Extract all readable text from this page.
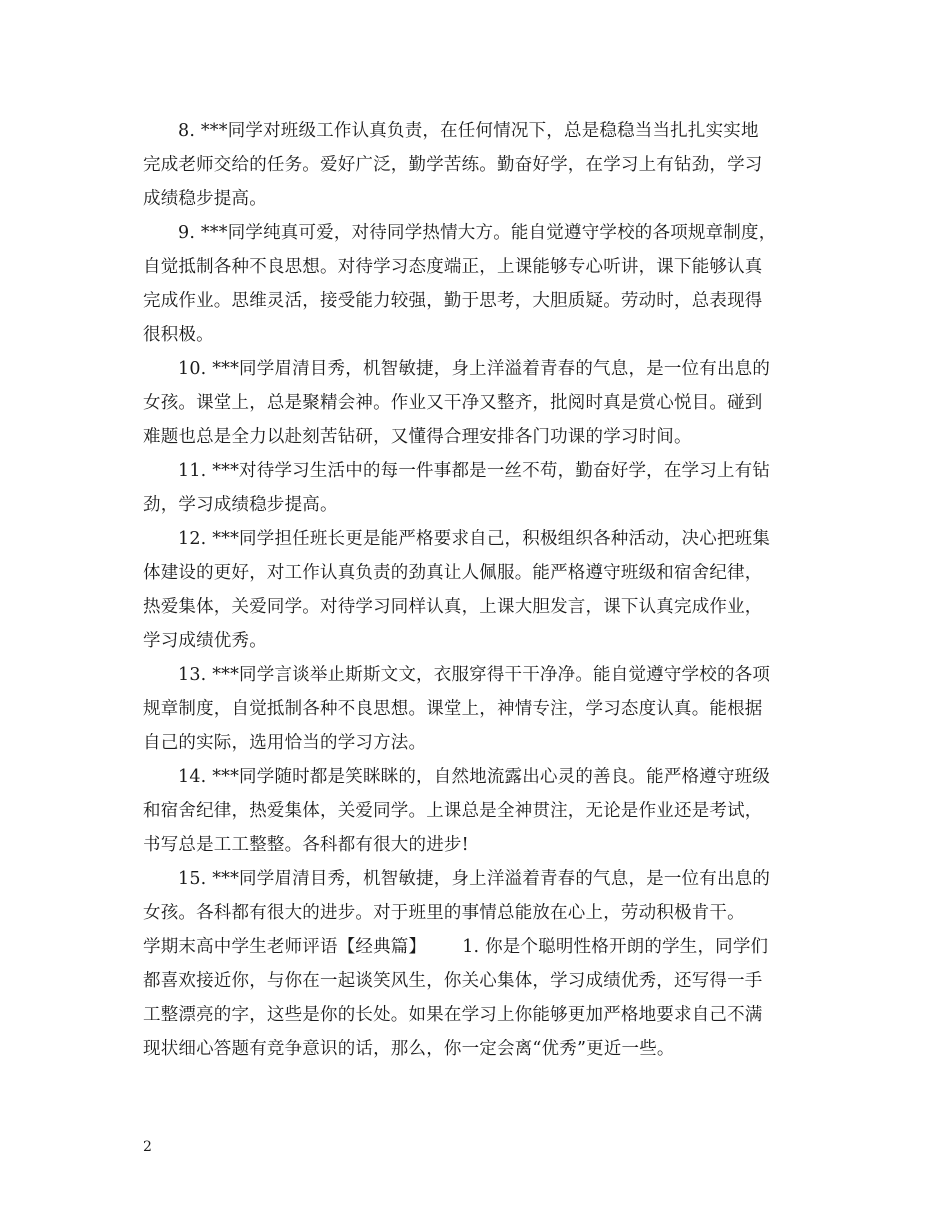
8. ***同学对班级工作认真负责，在任何情况下，总是稳稳当当扎扎实实地
完成老师交给的任务。爱好广泛，勤学苦练。勤奋好学，在学习上有钻劲，学习
成绩稳步提高。
9. ***同学纯真可爱，对待同学热情大方。能自觉遵守学校的各项规章制度，
自觉抵制各种不良思想。对待学习态度端正，上课能够专心听讲，课下能够认真
完成作业。思维灵活，接受能力较强，勤于思考，大胆质疑。劳动时，总表现得
很积极。
10. ***同学眉清目秀，机智敏捷，身上洋溢着青春的气息，是一位有出息的
女孩。课堂上，总是聚精会神。作业又干净又整齐，批阅时真是赏心悦目。碰到
难题也总是全力以赴刻苦钻研，又懂得合理安排各门功课的学习时间。
11. ***对待学习生活中的每一件事都是一丝不苟，勤奋好学，在学习上有钻
劲，学习成绩稳步提高。
12. ***同学担任班长更是能严格要求自己，积极组织各种活动，决心把班集
体建设的更好，对工作认真负责的劲真让人佩服。能严格遵守班级和宿舍纪律，
热爱集体，关爱同学。对待学习同样认真，上课大胆发言，课下认真完成作业，
学习成绩优秀。
13. ***同学言谈举止斯斯文文，衣服穿得干干净净。能自觉遵守学校的各项
规章制度，自觉抵制各种不良思想。课堂上，神情专注，学习态度认真。能根据
自己的实际，选用恰当的学习方法。
14. ***同学随时都是笑眯眯的，自然地流露出心灵的善良。能严格遵守班级
和宿舍纪律，热爱集体，关爱同学。上课总是全神贯注，无论是作业还是考试，
书写总是工工整整。各科都有很大的进步!
15. ***同学眉清目秀，机智敏捷，身上洋溢着青春的气息，是一位有出息的
女孩。各科都有很大的进步。对于班里的事情总能放在心上，劳动积极肯干。
学期末高中学生老师评语【经典篇】 1. 你是个聪明性格开朗的学生，同学们
都喜欢接近你，与你在一起谈笑风生，你关心集体，学习成绩优秀，还写得一手
工整漂亮的字，这些是你的长处。如果在学习上你能够更加严格地要求自己不满
现状细心答题有竞争意识的话，那么，你一定会离“优秀”更近一些。
2
